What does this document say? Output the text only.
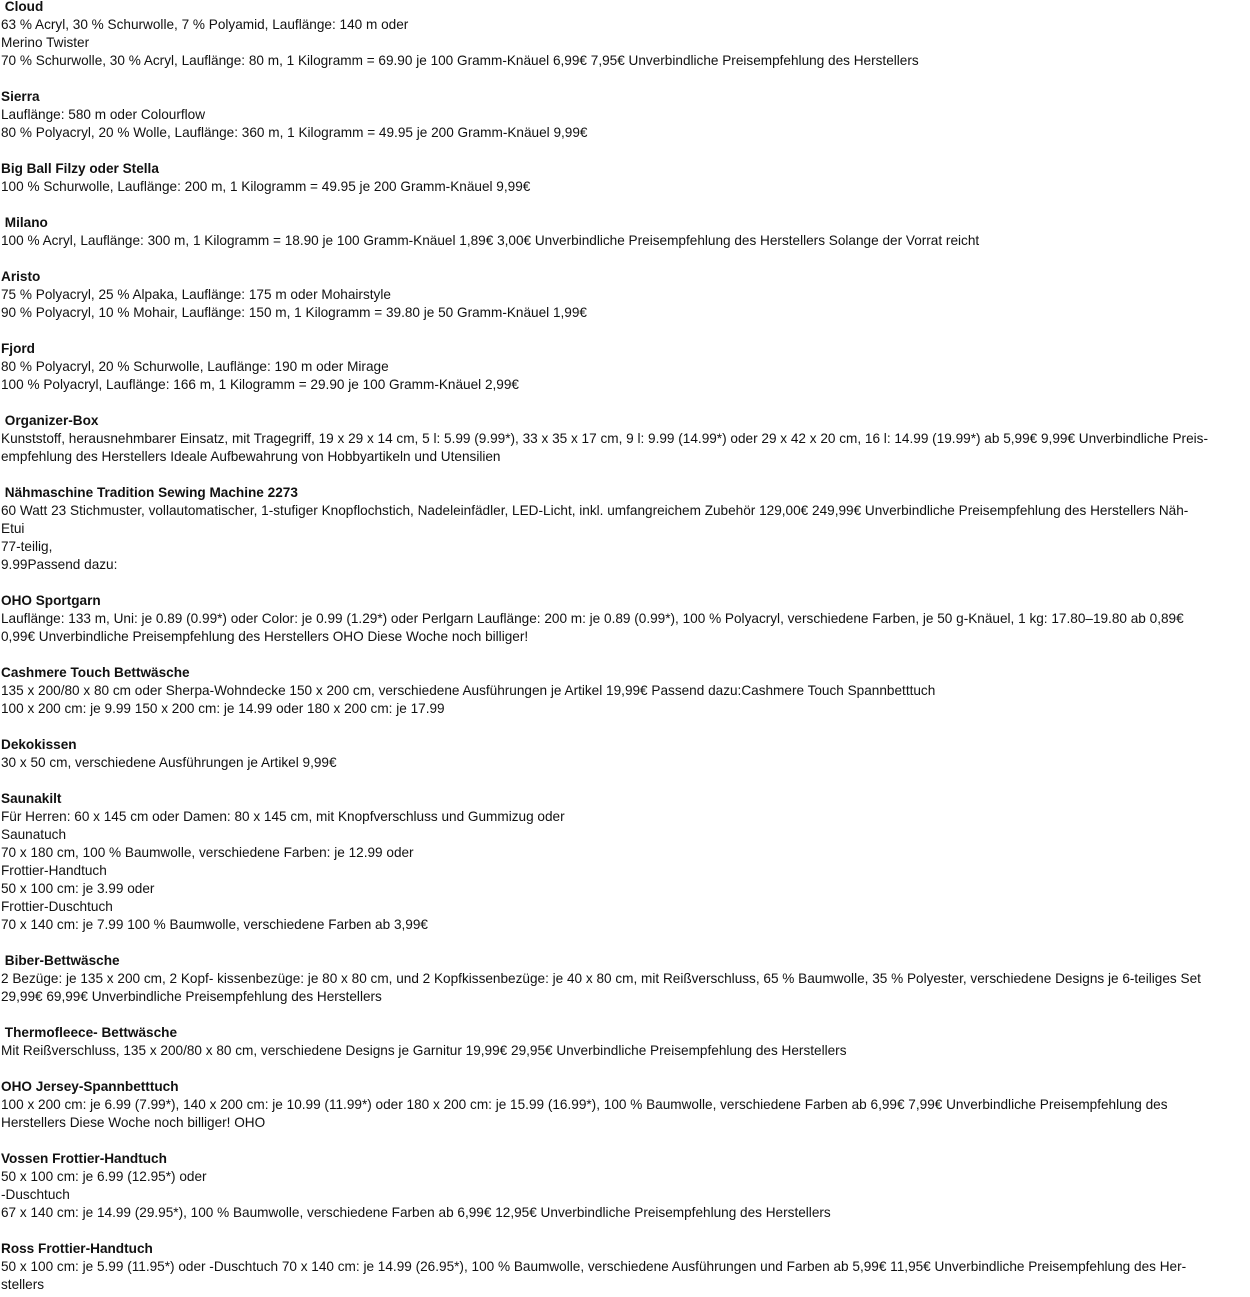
Cloud
63 % Acryl, 30 % Schurwolle, 7 % Polyamid, Lauflänge: 140 m oder
Merino Twister
70 % Schurwolle, 30 % Acryl, Lauflänge: 80 m, 1 Kilogramm = 69.90 je 100 Gramm-Knäuel 6,99€ 7,95€ Unverbindliche Preisempfehlung des Herstellers
Sierra
Lauflänge: 580 m oder Colourflow
80 % Polyacryl, 20 % Wolle, Lauflänge: 360 m, 1 Kilogramm = 49.95 je 200 Gramm-Knäuel 9,99€
Big Ball Filzy oder Stella
100 % Schurwolle, Lauflänge: 200 m, 1 Kilogramm = 49.95 je 200 Gramm-Knäuel 9,99€
Milano
100 % Acryl, Lauflänge: 300 m, 1 Kilogramm = 18.90 je 100 Gramm-Knäuel 1,89€ 3,00€ Unverbindliche Preisempfehlung des Herstellers Solange der Vorrat reicht
Aristo
75 % Polyacryl, 25 % Alpaka, Lauflänge: 175 m oder Mohairstyle
90 % Polyacryl, 10 % Mohair, Lauflänge: 150 m, 1 Kilogramm = 39.80 je 50 Gramm-Knäuel 1,99€
Fjord
80 % Polyacryl, 20 % Schurwolle, Lauflänge: 190 m oder Mirage
100 % Polyacryl, Lauflänge: 166 m, 1 Kilogramm = 29.90 je 100 Gramm-Knäuel 2,99€
Organizer-Box
Kunststoff, herausnehmbarer Einsatz, mit Tragegriff, 19 x 29 x 14 cm, 5 l: 5.99 (9.99*), 33 x 35 x 17 cm, 9 l: 9.99 (14.99*) oder 29 x 42 x 20 cm, 16 l: 14.99 (19.99*) ab 5,99€ 9,99€ Unverbindliche Preis-
empfehlung des Herstellers Ideale Aufbewahrung von Hobbyartikeln und Utensilien
Nähmaschine Tradition Sewing Machine 2273
60 Watt 23 Stichmuster, vollautomatischer, 1-stufiger Knopflochstich, Nadeleinfädler, LED-Licht, inkl. umfangreichem Zubehör 129,00€ 249,99€ Unverbindliche Preisempfehlung des Herstellers Näh-
Etui
77-teilig,
9.99Passend dazu:
OHO Sportgarn
Lauflänge: 133 m, Uni: je 0.89 (0.99*) oder Color: je 0.99 (1.29*) oder Perlgarn Lauflänge: 200 m: je 0.89 (0.99*), 100 % Polyacryl, verschiedene Farben, je 50 g-Knäuel, 1 kg: 17.80–19.80 ab 0,89€
0,99€ Unverbindliche Preisempfehlung des Herstellers OHO Diese Woche noch billiger!
Cashmere Touch Bettwäsche
135 x 200/80 x 80 cm oder Sherpa-Wohndecke 150 x 200 cm, verschiedene Ausführungen je Artikel 19,99€ Passend dazu:Cashmere Touch Spannbetttuch
100 x 200 cm: je 9.99 150 x 200 cm: je 14.99 oder 180 x 200 cm: je 17.99
Dekokissen
30 x 50 cm, verschiedene Ausführungen je Artikel 9,99€
Saunakilt
Für Herren: 60 x 145 cm oder Damen: 80 x 145 cm, mit Knopfverschluss und Gummizug oder
Saunatuch
70 x 180 cm, 100 % Baumwolle, verschiedene Farben: je 12.99 oder
Frottier-Handtuch
50 x 100 cm: je 3.99 oder
Frottier-Duschtuch
70 x 140 cm: je 7.99 100 % Baumwolle, verschiedene Farben ab 3,99€
Biber-Bettwäsche
2 Bezüge: je 135 x 200 cm, 2 Kopf- kissenbezüge: je 80 x 80 cm, und 2 Kopfkissenbezüge: je 40 x 80 cm, mit Reißverschluss, 65 % Baumwolle, 35 % Polyester, verschiedene Designs je 6-teiliges Set
29,99€ 69,99€ Unverbindliche Preisempfehlung des Herstellers
Thermofleece- Bettwäsche
Mit Reißverschluss, 135 x 200/80 x 80 cm, verschiedene Designs je Garnitur 19,99€ 29,95€ Unverbindliche Preisempfehlung des Herstellers
OHO Jersey-Spannbetttuch
100 x 200 cm: je 6.99 (7.99*), 140 x 200 cm: je 10.99 (11.99*) oder 180 x 200 cm: je 15.99 (16.99*), 100 % Baumwolle, verschiedene Farben ab 6,99€ 7,99€ Unverbindliche Preisempfehlung des
Herstellers Diese Woche noch billiger! OHO
Vossen Frottier-Handtuch
50 x 100 cm: je 6.99 (12.95*) oder
-Duschtuch
67 x 140 cm: je 14.99 (29.95*), 100 % Baumwolle, verschiedene Farben ab 6,99€ 12,95€ Unverbindliche Preisempfehlung des Herstellers
Ross Frottier-Handtuch
50 x 100 cm: je 5.99 (11.95*) oder -Duschtuch 70 x 140 cm: je 14.99 (26.95*), 100 % Baumwolle, verschiedene Ausführungen und Farben ab 5,99€ 11,95€ Unverbindliche Preisempfehlung des Her-
stellers
